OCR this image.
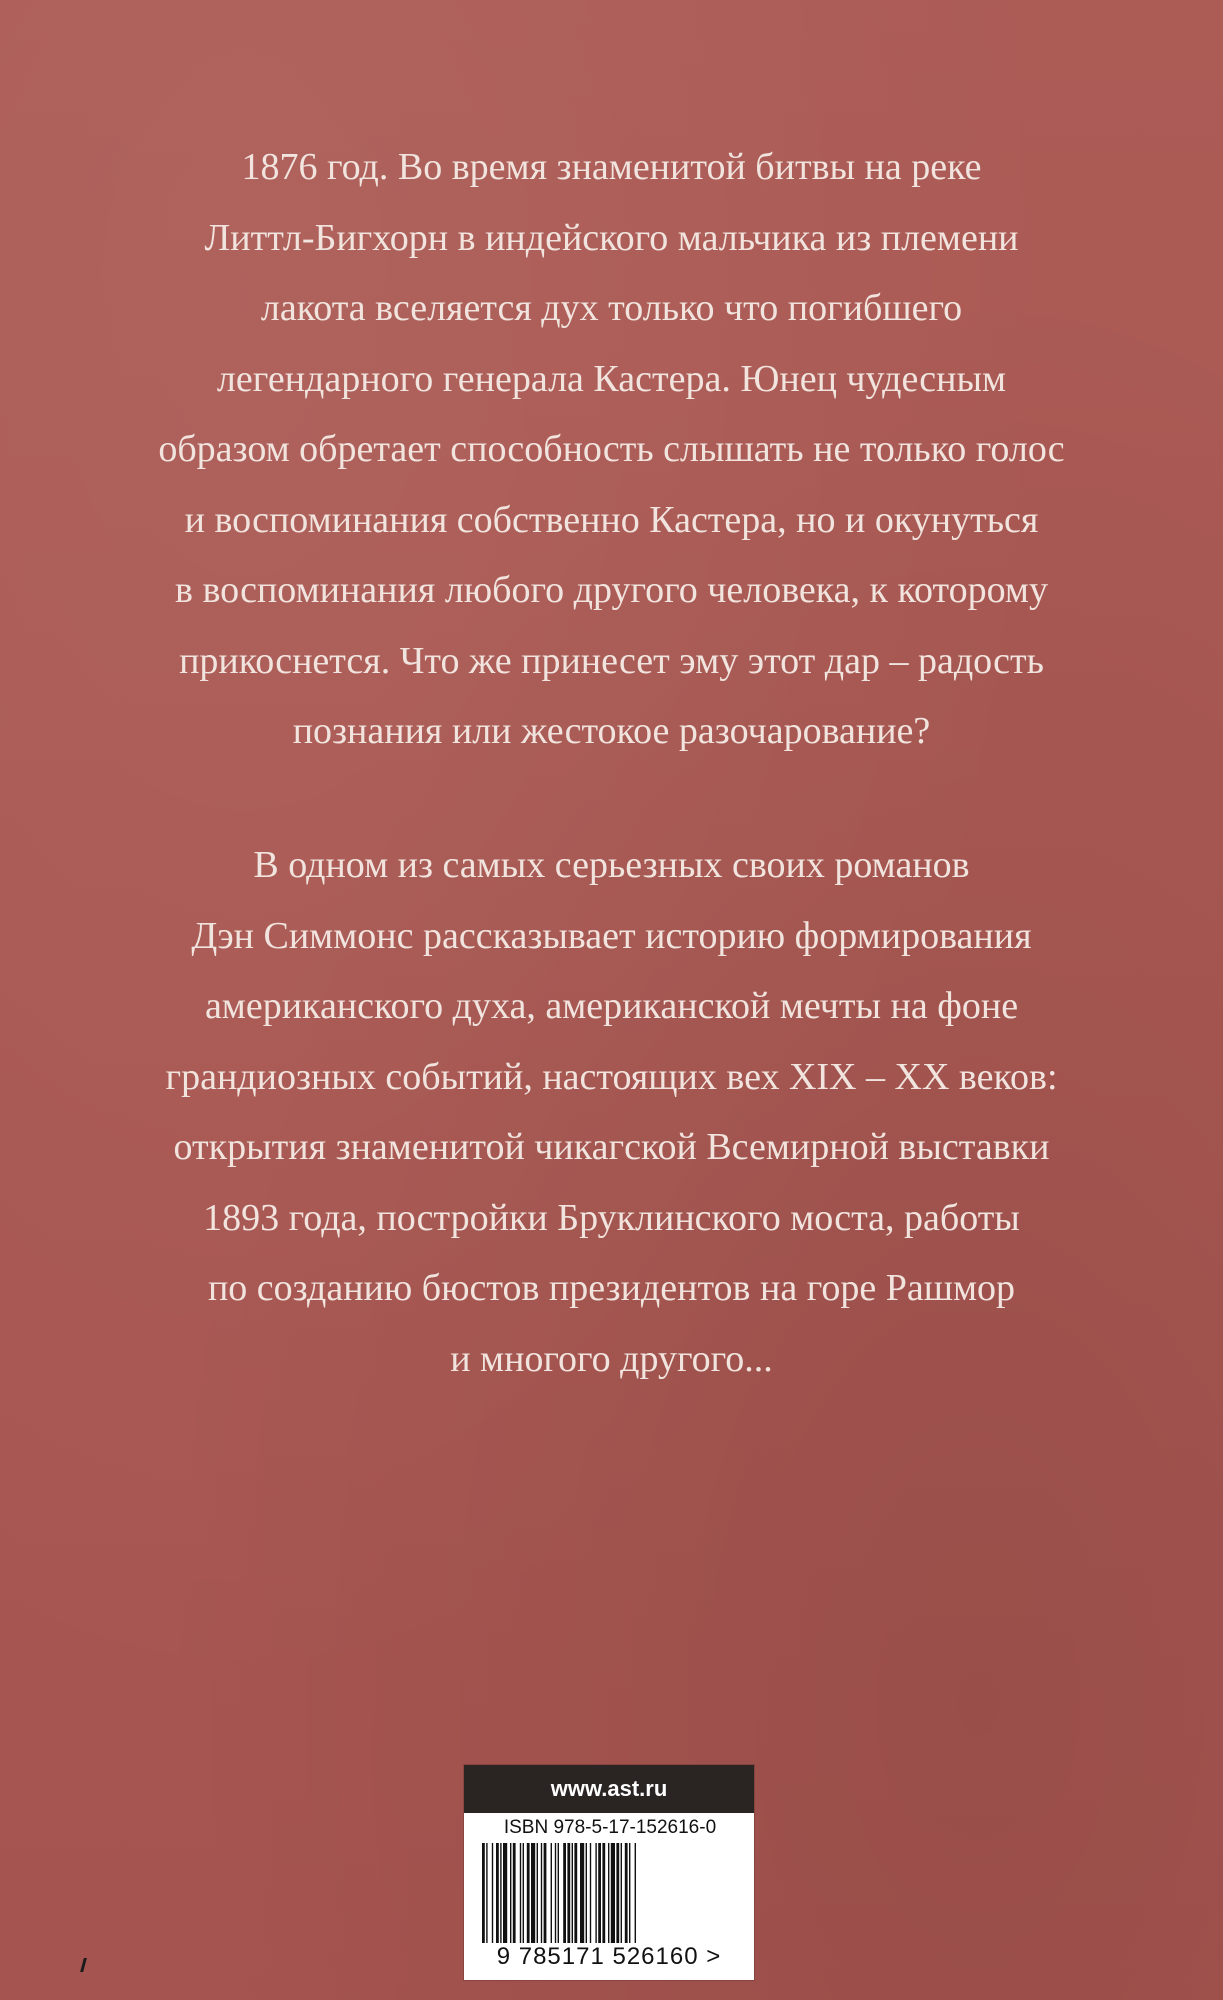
1876 год. Во время знаменитой битвы на реке
Литтл-Бигхорн в индейского мальчика из племени
лакота вселяется дух только что погибшего
легендарного генерала Кастера. Юнец чудесным
образом обретает способность слышать не только голос
и воспоминания собственно Кастера, но и окунуться
в воспоминания любого другого человека, к которому
прикоснется. Что же принесет эму этот дар – радость
познания или жестокое разочарование?
В одном из самых серьезных своих романов
Дэн Симмонс рассказывает историю формирования
американского духа, американской мечты на фоне
грандиозных событий, настоящих вех XIX – XX веков:
открытия знаменитой чикагской Всемирной выставки
1893 года, постройки Бруклинского моста, работы
по созданию бюстов президентов на горе Рашмор
и многого другого...
www.ast.ru
ISBN 978-5-17-152616-0
9 785171 526160 >
